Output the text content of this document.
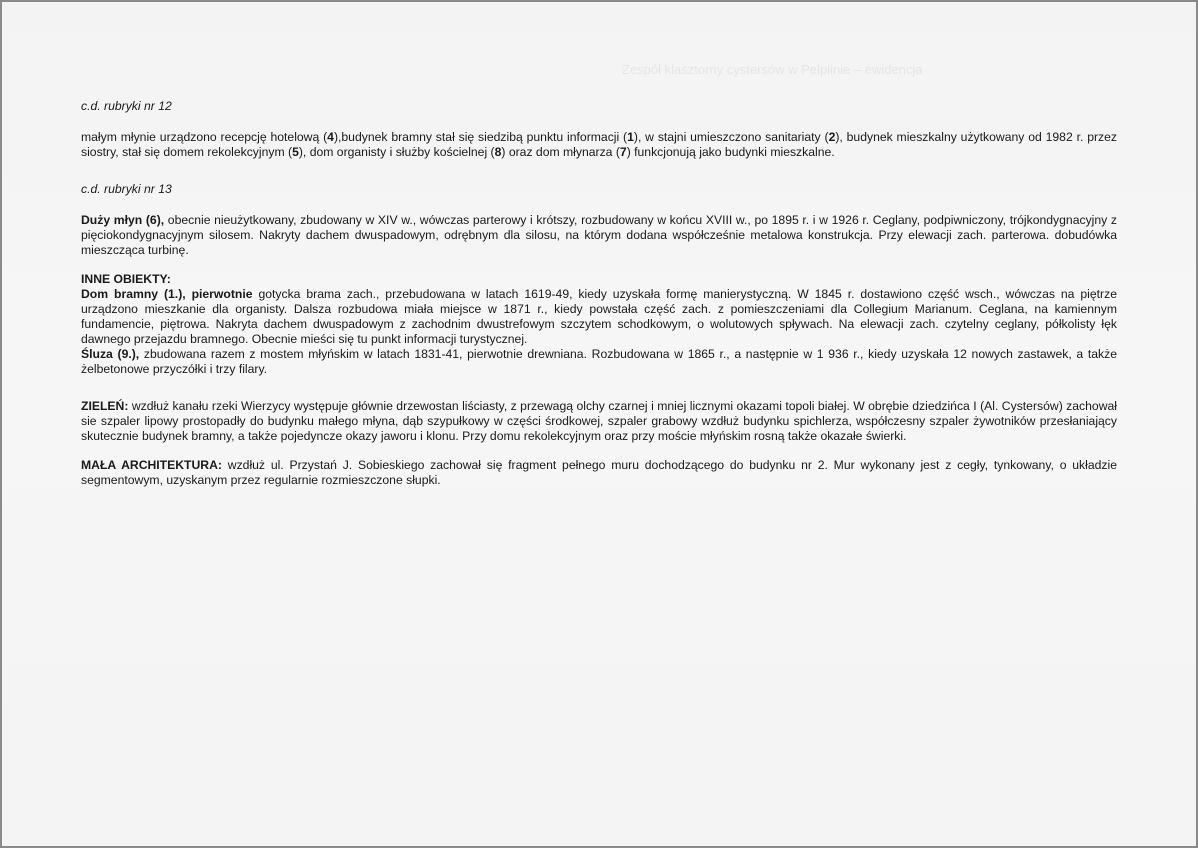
Zespół klasztorny cystersów w Pelplinie – ewidencja
c.d. rubryki nr 12

małym młynie urządzono recepcję hotelową (4),budynek bramny stał się siedzibą punktu informacji (1), w stajni umieszczono sanitariaty (2), budynek mieszkalny użytkowany od 1982 r. przez siostry, stał się domem rekolekcyjnym (5), dom organisty i służby kościelnej (8) oraz dom młynarza (7) funkcjonują jako budynki mieszkalne.

c.d. rubryki nr 13

Duży młyn (6), obecnie nieużytkowany, zbudowany w XIV w., wówczas parterowy i krótszy, rozbudowany w końcu XVIII w., po 1895 r. i w 1926 r. Ceglany, podpiwniczony, trójkondygnacyjny z pięciokondygnacyjnym silosem. Nakryty dachem dwuspadowym, odrębnym dla silosu, na którym dodana współcześnie metalowa konstrukcja. Przy elewacji zach. parterowa. dobudówka mieszcząca turbinę.

INNE OBIEKTY:

Dom bramny (1.), pierwotnie gotycka brama zach., przebudowana w latach 1619-49, kiedy uzyskała formę manierystyczną. W 1845 r. dostawiono część wsch., wówczas na piętrze urządzono mieszkanie dla organisty. Dalsza rozbudowa miała miejsce w 1871 r., kiedy powstała część zach. z pomieszczeniami dla Collegium Marianum. Ceglana, na kamiennym fundamencie, piętrowa. Nakryta dachem dwuspadowym z zachodnim dwustrefowym szczytem schodkowym, o wolutowych spływach. Na elewacji zach. czytelny ceglany, półkolisty łęk dawnego przejazdu bramnego. Obecnie mieści się tu punkt informacji turystycznej.

Śluza (9.), zbudowana razem z mostem młyńskim w latach 1831-41, pierwotnie drewniana. Rozbudowana w 1865 r., a następnie w 1 936 r., kiedy uzyskała 12 nowych zastawek, a także żelbetonowe przyczółki i trzy filary.

ZIELEŃ: wzdłuż kanału rzeki Wierzycy występuje głównie drzewostan liściasty, z przewagą olchy czarnej i mniej licznymi okazami topoli białej. W obrębie dziedzińca I (Al. Cystersów) zachował sie szpaler lipowy prostopadły do budynku małego młyna, dąb szypułkowy w części środkowej, szpaler grabowy wzdłuż budynku spichlerza, współczesny szpaler żywotników przesłaniający skutecznie budynek bramny, a także pojedyncze okazy jaworu i klonu. Przy domu rekolekcyjnym oraz przy moście młyńskim rosną także okazałe świerki.

MAŁA ARCHITEKTURA: wzdłuż ul. Przystań J. Sobieskiego zachował się fragment pełnego muru dochodzącego do budynku nr 2. Mur wykonany jest z cegły, tynkowany, o układzie segmentowym, uzyskanym przez regularnie rozmieszczone słupki.
